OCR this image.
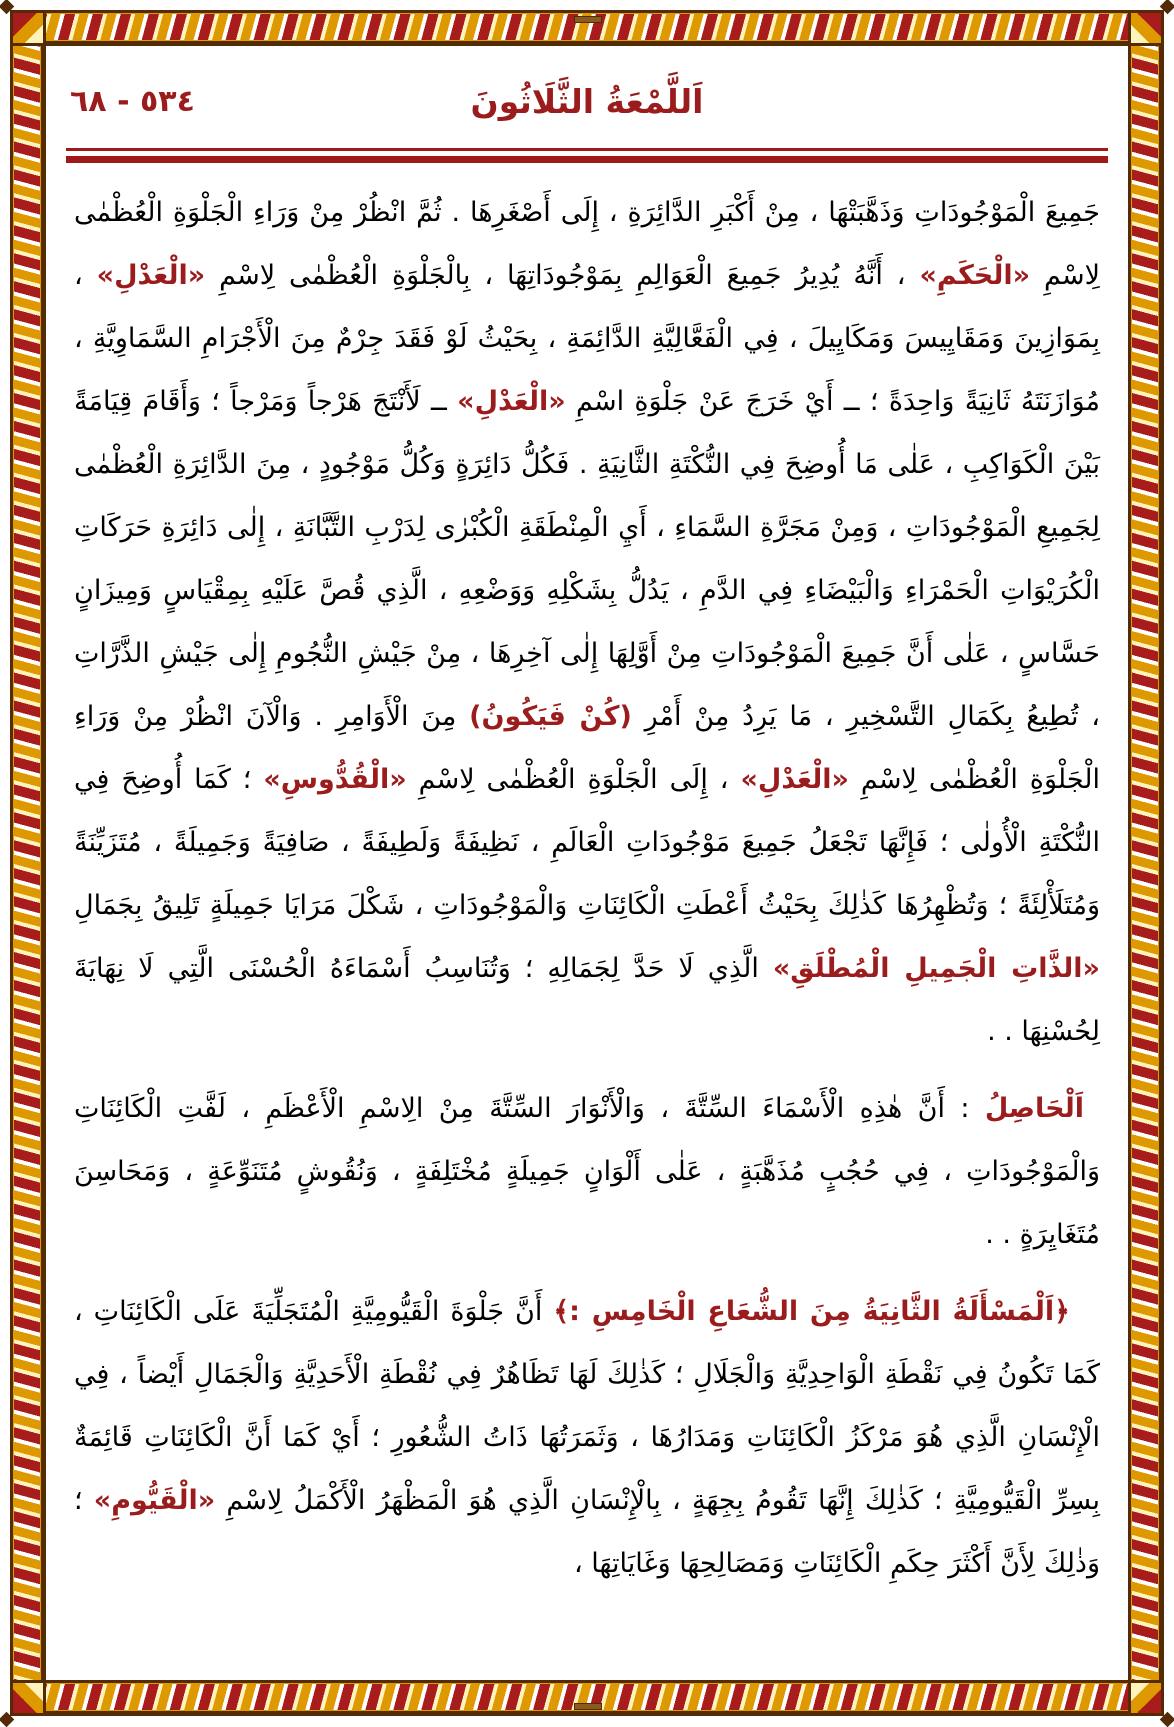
اَللَّمْعَةُ الثَّلَاثُونَ
٥٣٤ - ٦٨

جَمِيعَ الْمَوْجُودَاتِ وَذَهَّبَتْهَا ، مِنْ أَكْبَرِ الدَّائِرَةِ ، إِلَى أَصْغَرِهَا . ثُمَّ انْظُرْ مِنْ وَرَاءِ الْجَلْوَةِ الْعُظْمٰى لِاسْمِ «الْحَكَمِ» ، أَنَّهُ يُدِيرُ جَمِيعَ الْعَوَالِمِ بِمَوْجُودَاتِهَا ، بِالْجَلْوَةِ الْعُظْمٰى لِاسْمِ «الْعَدْلِ» ، بِمَوَازِينَ وَمَقَايِيسَ وَمَكَايِيلَ ، فِي الْفَعَّالِيَّةِ الدَّائِمَةِ ، بِحَيْثُ لَوْ فَقَدَ جِرْمٌ مِنَ الْأَجْرَامِ السَّمَاوِيَّةِ ، مُوَازَنَتَهُ ثَانِيَةً وَاحِدَةً ؛ ــ أَيْ خَرَجَ عَنْ جَلْوَةِ اسْمِ «الْعَدْلِ» ــ لَأَنْتَجَ هَرْجاً وَمَرْجاً ؛ وَأَقَامَ قِيَامَةً بَيْنَ الْكَوَاكِبِ ، عَلٰى مَا أُوضِحَ فِي النُّكْتَةِ الثَّانِيَةِ . فَكُلُّ دَائِرَةٍ وَكُلُّ مَوْجُودٍ ، مِنَ الدَّائِرَةِ الْعُظْمٰى لِجَمِيعِ الْمَوْجُودَاتِ ، وَمِنْ مَجَرَّةِ السَّمَاءِ ، أَيِ الْمِنْطَقَةِ الْكُبْرٰى لِدَرْبِ التَّبَّانَةِ ، إِلٰى دَائِرَةِ حَرَكَاتِ الْكُرَيْوَاتِ الْحَمْرَاءِ وَالْبَيْضَاءِ فِي الدَّمِ ، يَدُلُّ بِشَكْلِهِ وَوَضْعِهِ ، الَّذِي قُصَّ عَلَيْهِ بِمِقْيَاسٍ وَمِيزَانٍ حَسَّاسٍ ، عَلٰى أَنَّ جَمِيعَ الْمَوْجُودَاتِ مِنْ أَوَّلِهَا إِلٰى آخِرِهَا ، مِنْ جَيْشِ النُّجُومِ إِلٰى جَيْشِ الذَّرَّاتِ ، تُطِيعُ بِكَمَالِ التَّسْخِيرِ ، مَا يَرِدُ مِنْ أَمْرِ (كُنْ فَيَكُونُ) مِنَ الْأَوَامِرِ . وَالْآنَ انْظُرْ مِنْ وَرَاءِ الْجَلْوَةِ الْعُظْمٰى لِاسْمِ «الْعَدْلِ» ، إِلَى الْجَلْوَةِ الْعُظْمٰى لِاسْمِ «الْقُدُّوسِ» ؛ كَمَا أُوضِحَ فِي النُّكْتَةِ الْأُولٰى ؛ فَإِنَّهَا تَجْعَلُ جَمِيعَ مَوْجُودَاتِ الْعَالَمِ ، نَظِيفَةً وَلَطِيفَةً ، صَافِيَةً وَجَمِيلَةً ، مُتَزَيِّنَةً وَمُتَلَأْلِئَةً ؛ وَتُظْهِرُهَا كَذٰلِكَ بِحَيْثُ أَعْطَتِ الْكَائِنَاتِ وَالْمَوْجُودَاتِ ، شَكْلَ مَرَايَا جَمِيلَةٍ تَلِيقُ بِجَمَالِ «الذَّاتِ الْجَمِيلِ الْمُطْلَقِ» الَّذِي لَا حَدَّ لِجَمَالِهِ ؛ وَتُنَاسِبُ أَسْمَاءَهُ الْحُسْنَى الَّتِي لَا نِهَايَةَ لِحُسْنِهَا . .

اَلْحَاصِلُ : أَنَّ هٰذِهِ الْأَسْمَاءَ السِّتَّةَ ، وَالْأَنْوَارَ السِّتَّةَ مِنْ الِاسْمِ الْأَعْظَمِ ، لَفَّتِ الْكَائِنَاتِ وَالْمَوْجُودَاتِ ، فِي حُجُبٍ مُذَهَّبَةٍ ، عَلٰى أَلْوَانٍ جَمِيلَةٍ مُخْتَلِفَةٍ ، وَنُقُوشٍ مُتَنَوِّعَةٍ ، وَمَحَاسِنَ مُتَغَايِرَةٍ . .

﴿اَلْمَسْأَلَةُ الثَّانِيَةُ مِنَ الشُّعَاعِ الْخَامِسِ :﴾ أَنَّ جَلْوَةَ الْقَيُّومِيَّةِ الْمُتَجَلِّيَةَ عَلَى الْكَائِنَاتِ ، كَمَا تَكُونُ فِي نَقْطَةِ الْوَاحِدِيَّةِ وَالْجَلَالِ ؛ كَذٰلِكَ لَهَا تَظَاهُرٌ فِي نُقْطَةِ الْأَحَدِيَّةِ وَالْجَمَالِ أَيْضاً ، فِي الْإِنْسَانِ الَّذِي هُوَ مَرْكَزُ الْكَائِنَاتِ وَمَدَارُهَا ، وَثَمَرَتُهَا ذَاتُ الشُّعُورِ ؛ أَيْ كَمَا أَنَّ الْكَائِنَاتِ قَائِمَةٌ بِسِرِّ الْقَيُّومِيَّةِ ؛ كَذٰلِكَ إِنَّهَا تَقُومُ بِجِهَةٍ ، بِالْإِنْسَانِ الَّذِي هُوَ الْمَظْهَرُ الْأَكْمَلُ لِاسْمِ «الْقَيُّومِ» ؛ وَذٰلِكَ لِأَنَّ أَكْثَرَ حِكَمِ الْكَائِنَاتِ وَمَصَالِحِهَا وَغَايَاتِهَا ،
